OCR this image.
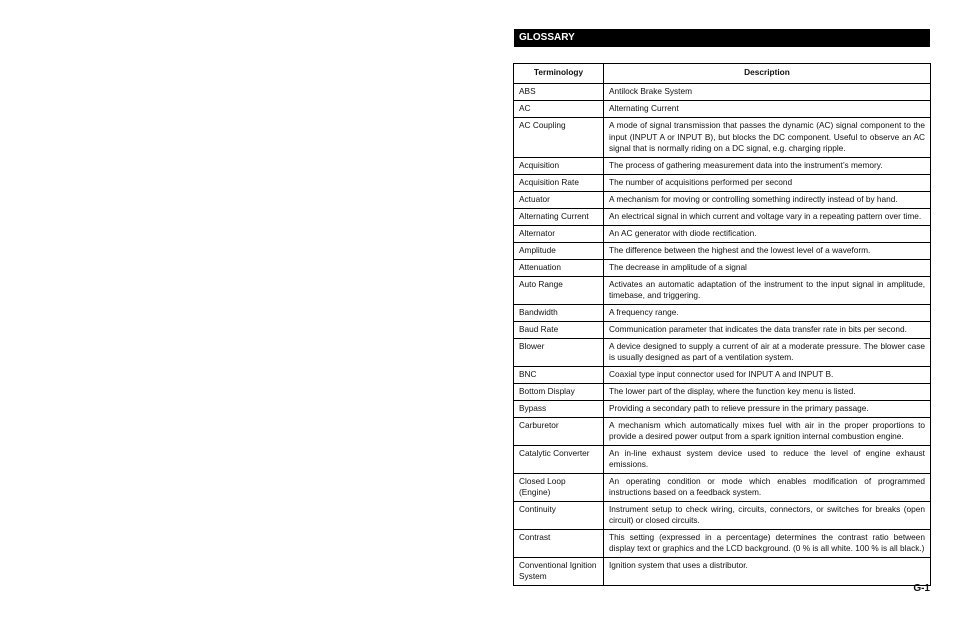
GLOSSARY
Terminology	Description
ABS	Antilock Brake System
AC	Alternating Current
AC Coupling	A mode of signal transmission that passes the dynamic (AC) signal component to the input (INPUT A or INPUT B), but blocks the DC component. Useful to observe an AC signal that is normally riding on a DC signal, e.g. charging ripple.
Acquisition	The process of gathering measurement data into the instrument’s memory.
Acquisition Rate	The number of acquisitions performed per second
Actuator	A mechanism for moving or controlling something indirectly instead of by hand.
Alternating Current	An electrical signal in which current and voltage vary in a repeating pattern over time.
Alternator	An AC generator with diode rectification.
Amplitude	The difference between the highest and the lowest level of a waveform.
Attenuation	The decrease in amplitude of a signal
Auto Range	Activates an automatic adaptation of the instrument to the input signal in amplitude, timebase, and triggering.
Bandwidth	A frequency range.
Baud Rate	Communication parameter that indicates the data transfer rate in bits per second.
Blower	A device designed to supply a current of air at a moderate pressure. The blower case is usually designed as part of a ventilation system.
BNC	Coaxial type input connector used for INPUT A and INPUT B.
Bottom Display	The lower part of the display, where the function key menu is listed.
Bypass	Providing a secondary path to relieve pressure in the primary passage.
Carburetor	A mechanism which automatically mixes fuel with air in the proper proportions to provide a desired power output from a spark ignition internal combustion engine.
Catalytic Converter	An in-line exhaust system device used to reduce the level of engine exhaust emissions.
Closed Loop (Engine)	An operating condition or mode which enables modification of programmed instructions based on a feedback system.
Continuity	Instrument setup to check wiring, circuits, connectors, or switches for breaks (open circuit) or closed circuits.
Contrast	This setting (expressed in a percentage) determines the contrast ratio between display text or graphics and the LCD background. (0 % is all white. 100 % is all black.)
Conventional Ignition System	Ignition system that uses a distributor.
G-1
